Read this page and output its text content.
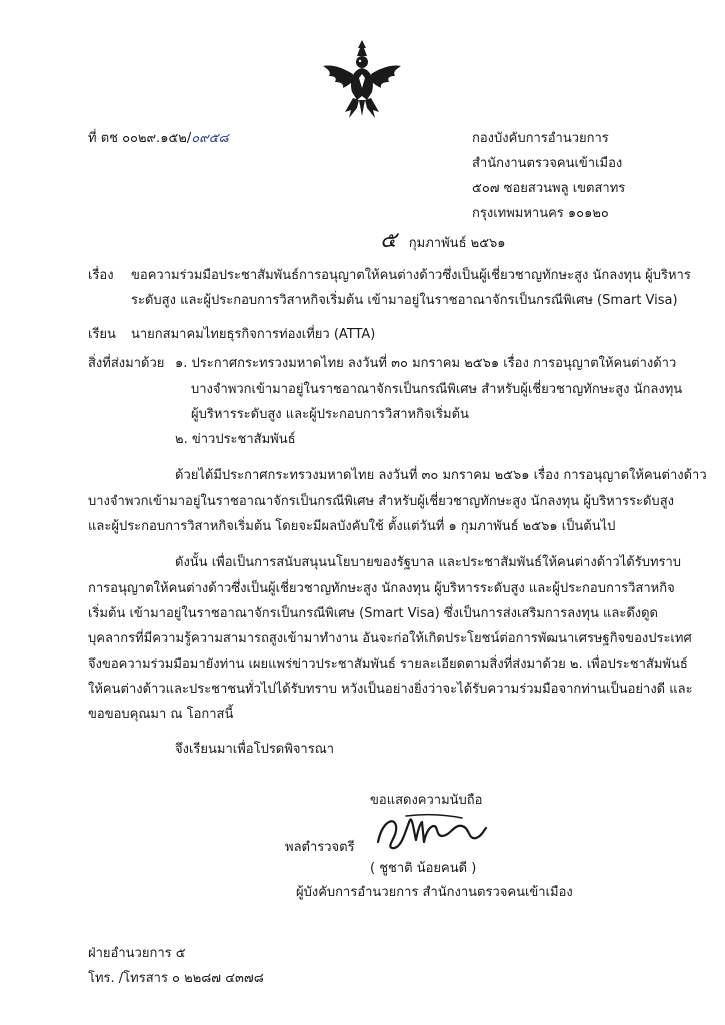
ที่ ตช ๐๐๒๙.๑๕๒/๐๙๕๘	กองบังคับการอำนวยการ
สำนักงานตรวจคนเข้าเมือง
๕๐๗ ซอยสวนพลู เขตสาทร
กรุงเทพมหานคร ๑๐๑๒๐
๕ กุมภาพันธ์ ๒๕๖๑
เรื่อง ขอความร่วมมือประชาสัมพันธ์การอนุญาตให้คนต่างด้าวซึ่งเป็นผู้เชี่ยวชาญทักษะสูง นักลงทุน ผู้บริหาร
ระดับสูง และผู้ประกอบการวิสาหกิจเริ่มต้น เข้ามาอยู่ในราชอาณาจักรเป็นกรณีพิเศษ (Smart Visa)
เรียน นายกสมาคมไทยธุรกิจการท่องเที่ยว (ATTA)
สิ่งที่ส่งมาด้วย ๑. ประกาศกระทรวงมหาดไทย ลงวันที่ ๓๐ มกราคม ๒๕๖๑ เรื่อง การอนุญาตให้คนต่างด้าว
บางจำพวกเข้ามาอยู่ในราชอาณาจักรเป็นกรณีพิเศษ สำหรับผู้เชี่ยวชาญทักษะสูง นักลงทุน
ผู้บริหารระดับสูง และผู้ประกอบการวิสาหกิจเริ่มต้น
๒. ข่าวประชาสัมพันธ์
ด้วยได้มีประกาศกระทรวงมหาดไทย ลงวันที่ ๓๐ มกราคม ๒๕๖๑ เรื่อง การอนุญาตให้คนต่างด้าว
บางจำพวกเข้ามาอยู่ในราชอาณาจักรเป็นกรณีพิเศษ สำหรับผู้เชี่ยวชาญทักษะสูง นักลงทุน ผู้บริหารระดับสูง
และผู้ประกอบการวิสาหกิจเริ่มต้น โดยจะมีผลบังคับใช้ ตั้งแต่วันที่ ๑ กุมภาพันธ์ ๒๕๖๑ เป็นต้นไป
ดังนั้น เพื่อเป็นการสนับสนุนนโยบายของรัฐบาล และประชาสัมพันธ์ให้คนต่างด้าวได้รับทราบ
การอนุญาตให้คนต่างด้าวซึ่งเป็นผู้เชี่ยวชาญทักษะสูง นักลงทุน ผู้บริหารระดับสูง และผู้ประกอบการวิสาหกิจ
เริ่มต้น เข้ามาอยู่ในราชอาณาจักรเป็นกรณีพิเศษ (Smart Visa) ซึ่งเป็นการส่งเสริมการลงทุน และดึงดูด
บุคลากรที่มีความรู้ความสามารถสูงเข้ามาทำงาน อันจะก่อให้เกิดประโยชน์ต่อการพัฒนาเศรษฐกิจของประเทศ
จึงขอความร่วมมือมายังท่าน เผยแพร่ข่าวประชาสัมพันธ์ รายละเอียดตามสิ่งที่ส่งมาด้วย ๒. เพื่อประชาสัมพันธ์
ให้คนต่างด้าวและประชาชนทั่วไปได้รับทราบ หวังเป็นอย่างยิ่งว่าจะได้รับความร่วมมือจากท่านเป็นอย่างดี และ
ขอขอบคุณมา ณ โอกาสนี้
จึงเรียนมาเพื่อโปรดพิจารณา
ขอแสดงความนับถือ
พลตำรวจตรี
( ชูชาติ น้อยคนดี )
ผู้บังคับการอำนวยการ สำนักงานตรวจคนเข้าเมือง
ฝ่ายอำนวยการ ๕
โทร. /โทรสาร ๐ ๒๒๘๗ ๔๓๗๘
